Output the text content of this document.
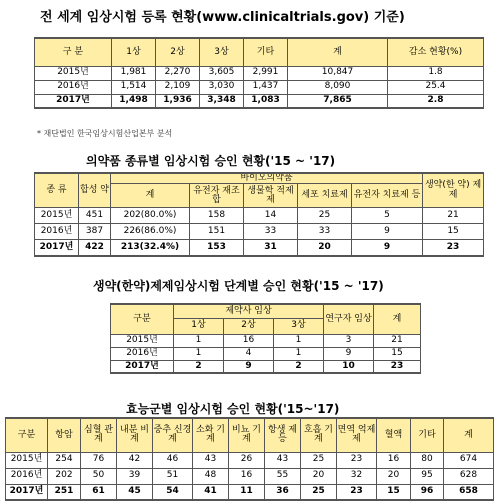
전 세계 임상시험 등록 현황(www.clinicaltrials.gov) 기준)
구 분	1상	2상	3상	기타	계	감소 현황(%)
2015년	1,981	2,270	3,605	2,991	10,847	1.8
2016년	1,514	2,109	3,030	1,437	8,090	25.4
2017년	1,498	1,936	3,348	1,083	7,865	2.8
* 재단법인 한국임상시험산업본부 분석
의약품 종류별 임상시험 승인 현황('15 ~ '17)
종 류	합성 약	바이오의약품					생약(한 약) 제제
		계	유전자 재조합	생물학 적제제	세포 치료제	유전자 치료제 등	
2015년	451	202(80.0%)	158	14	25	5	21
2016년	387	226(86.0%)	151	33	33	9	15
2017년	422	213(32.4%)	153	31	20	9	23
생약(한약)제제임상시험 단계별 승인 현황('15 ~ '17)
구분	제약사 임상			연구자 임상	계
	1상	2상	3상		
2015년	1	16	1	3	21
2016년	1	4	1	9	15
2017년	2	9	2	10	23
효능군별 임상시험 승인 현황('15~'17)
구분	항암	심혈 관계	내분 비계	중추 신경계	소화 기계	비뇨 기계	항생 제등	호흡 기계	면역 억제제	혈액	기타	계
2015년	254	76	42	46	43	26	43	25	23	16	80	674
2016년	202	50	39	51	48	16	55	20	32	20	95	628
2017년	251	61	45	54	41	11	36	25	23	15	96	658
